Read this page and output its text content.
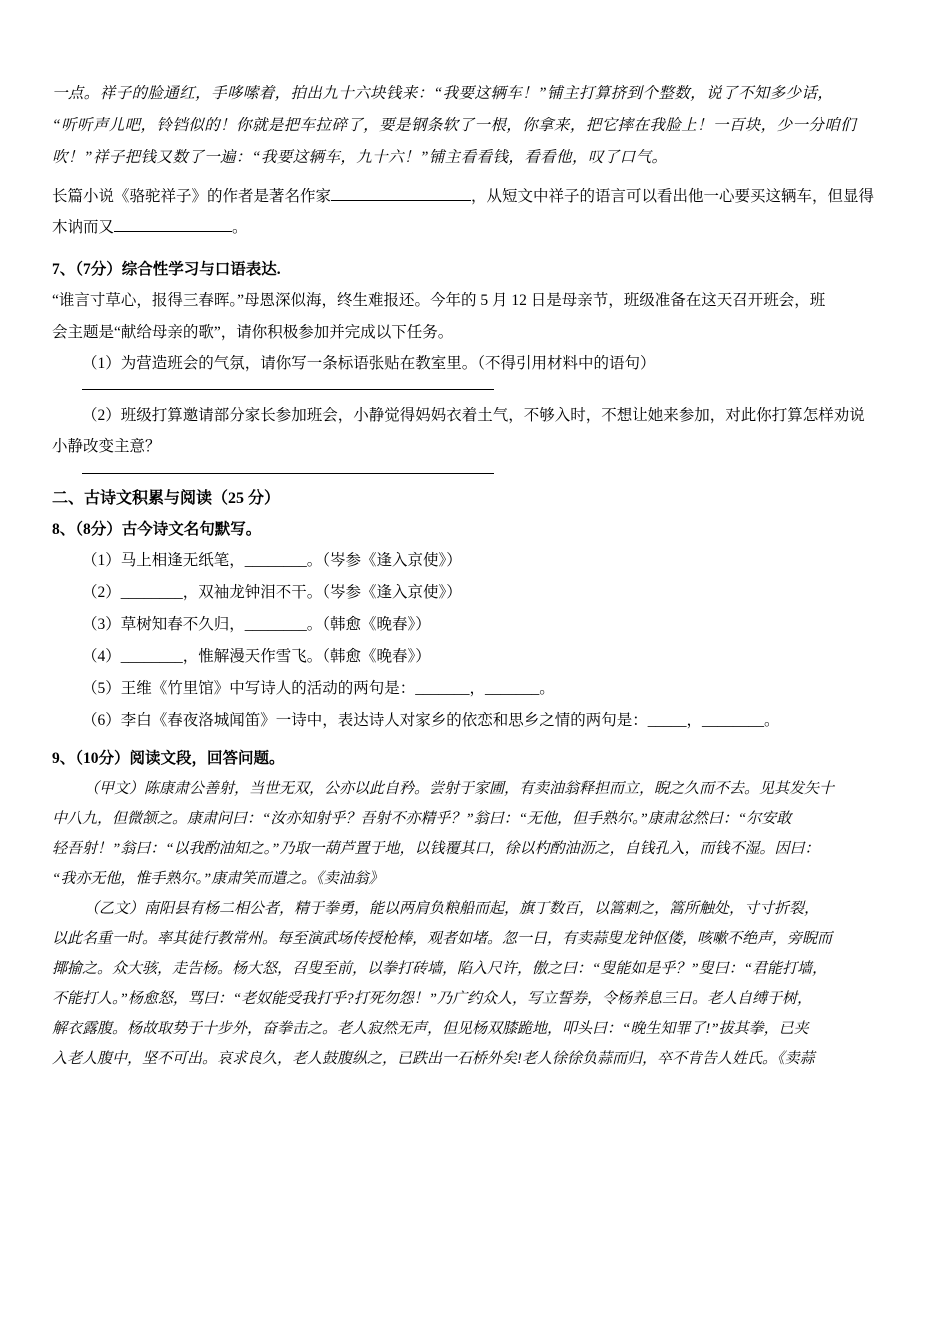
一点。祥子的脸通红，手哆嗦着，拍出九十六块钱来：“我要这辆车！”铺主打算挤到个整数，说了不知多少话，
“听听声儿吧，铃铛似的！你就是把车拉碎了，要是钢条软了一根，你拿来，把它摔在我脸上！一百块，少一分咱们
吹！”祥子把钱又数了一遍：“我要这辆车，九十六！”铺主看看钱，看看他，叹了口气。
长篇小说《骆驼祥子》的作者是著名作家	，从短文中祥子的语言可以看出他一心要买这辆车，但显得
木讷而又	。
7、（7分）综合性学习与口语表达.
“谁言寸草心，报得三春晖。”母恩深似海，终生难报还。今年的 5 月 12 日是母亲节，班级准备在这天召开班会，班
会主题是“献给母亲的歌”，请你积极参加并完成以下任务。
（1）为营造班会的气氛，请你写一条标语张贴在教室里。（不得引用材料中的语句）
（2）班级打算邀请部分家长参加班会，小静觉得妈妈衣着土气，不够入时，不想让她来参加，对此你打算怎样劝说
小静改变主意？
二、古诗文积累与阅读（25 分）
8、（8分）古今诗文名句默写。
（1）马上相逢无纸笔，________。（岑参《逢入京使》）
（2）________，双袖龙钟泪不干。（岑参《逢入京使》）
（3）草树知春不久归，________。（韩愈《晚春》）
（4）________，惟解漫天作雪飞。（韩愈《晚春》）
（5）王维《竹里馆》中写诗人的活动的两句是：_______，_______。
（6）李白《春夜洛城闻笛》一诗中，表达诗人对家乡的依恋和思乡之情的两句是：_____，________。
9、（10分）阅读文段，回答问题。
（甲文）陈康肃公善射，当世无双，公亦以此自矜。尝射于家圃，有卖油翁释担而立，睨之久而不去。见其发矢十
中八九，但微颔之。康肃问曰：“汝亦知射乎？吾射不亦精乎？”翁曰：“无他，但手熟尔。”康肃忿然曰：“尔安敢
轻吾射！”翁曰：“以我酌油知之。”乃取一葫芦置于地，以钱覆其口，徐以杓酌油沥之，自钱孔入，而钱不湿。因曰：
“我亦无他，惟手熟尔。”康肃笑而遣之。《卖油翁》
（乙文）南阳县有杨二相公者，精于拳勇，能以两肩负粮船而起，旗丁数百，以篙刺之，篙所触处，寸寸折裂，
以此名重一时。率其徒行教常州。每至演武场传授枪棒，观者如堵。忽一日，有卖蒜叟龙钟伛偻，咳嗽不绝声，旁睨而
揶揄之。众大骇，走告杨。杨大怒，召叟至前，以拳打砖墙，陷入尺许，傲之曰：“叟能如是乎？”叟曰：“君能打墙，
不能打人。”杨愈怒，骂曰：“老奴能受我打乎?打死勿怨！”乃广约众人，写立誓券，令杨养息三日。老人自缚于树，
解衣露腹。杨故取势于十步外，奋拳击之。老人寂然无声，但见杨双膝跪地，叩头曰：“晚生知罪了!”拔其拳，已夹
入老人腹中，坚不可出。哀求良久，老人鼓腹纵之，已跌出一石桥外矣!老人徐徐负蒜而归，卒不肯告人姓氏。《卖蒜
